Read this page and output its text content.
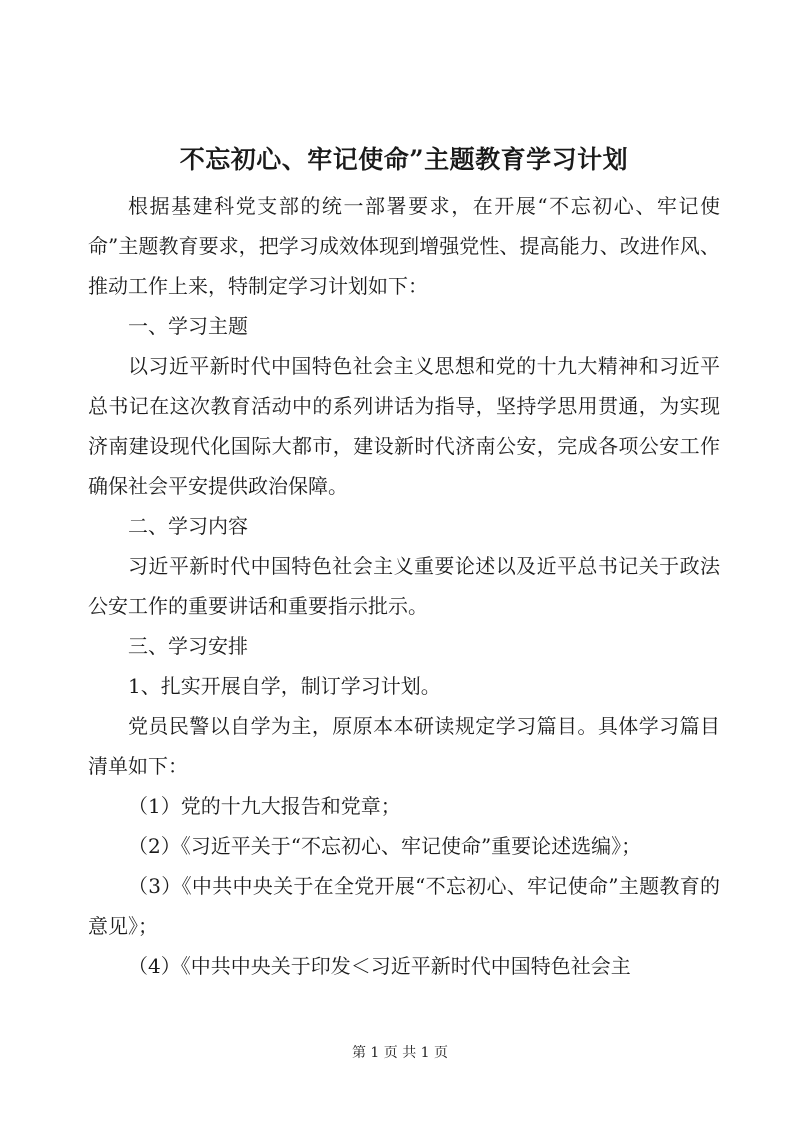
不忘初心、牢记使命”主题教育学习计划

根据基建科党支部的统一部署要求，在开展“不忘初心、牢记使命”主题教育要求，把学习成效体现到增强党性、提高能力、改进作风、推动工作上来，特制定学习计划如下：

一、学习主题

以习近平新时代中国特色社会主义思想和党的十九大精神和习近平总书记在这次教育活动中的系列讲话为指导，坚持学思用贯通，为实现济南建设现代化国际大都市，建设新时代济南公安，完成各项公安工作确保社会平安提供政治保障。

二、学习内容

习近平新时代中国特色社会主义重要论述以及近平总书记关于政法公安工作的重要讲话和重要指示批示。

三、学习安排

1、扎实开展自学，制订学习计划。

党员民警以自学为主，原原本本研读规定学习篇目。具体学习篇目清单如下：

（1）党的十九大报告和党章；

（2）《习近平关于“不忘初心、牢记使命”重要论述选编》；

（3）《中共中央关于在全党开展“不忘初心、牢记使命”主题教育的意见》；

（4）《中共中央关于印发＜习近平新时代中国特色社会主

第 1 页 共 1 页
